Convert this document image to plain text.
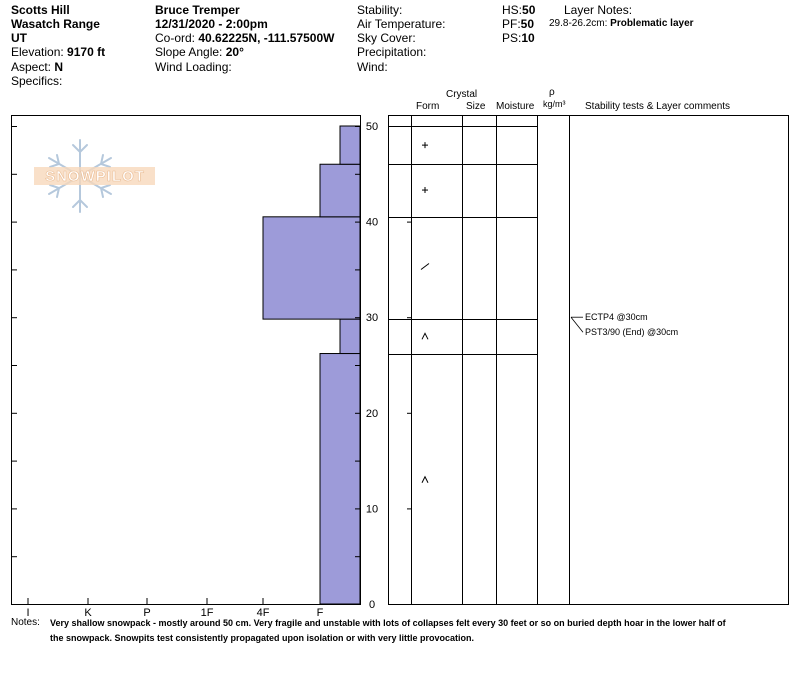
Scotts Hill
Wasatch Range
UT
Elevation: 9170 ft
Aspect: N
Specifics:
Bruce Tremper
12/31/2020 - 2:00pm
Co-ord: 40.62225N, -111.57500W
Slope Angle: 20°
Wind Loading:
Stability:
Air Temperature:
Sky Cover:
Precipitation:
Wind:
HS:50
PF:50
PS:10
Layer Notes:
29.8-26.2cm: Problematic layer
Crystal
Form	Size Moisture
ρ
kg/m³ Stability tests & Layer comments
SNOWPILOT
I	K	P	1F	4F	F
0
10
20
30
40
50
ECTP4 @30cm
PST3/90 (End) @30cm
Notes: Very shallow snowpack - mostly around 50 cm. Very fragile and unstable with lots of collapses felt every 30 feet or so on buried depth hoar in the lower half of
the snowpack. Snowpits test consistently propagated upon isolation or with very little provocation.
